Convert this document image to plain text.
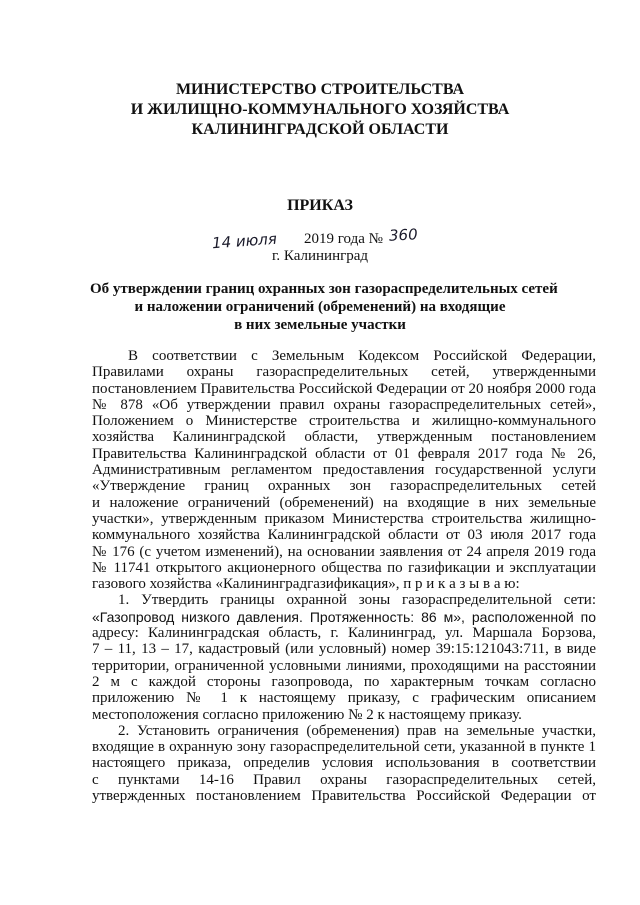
МИНИСТЕРСТВО СТРОИТЕЛЬСТВА
И ЖИЛИЩНО-КОММУНАЛЬНОГО ХОЗЯЙСТВА
КАЛИНИНГРАДСКОЙ ОБЛАСТИ
ПРИКАЗ
14 июля 2019 года № 360
г. Калининград
Об утверждении границ охранных зон газораспределительных сетей
и наложении ограничений (обременений) на входящие
в них земельные участки
В соответствии с Земельным Кодексом Российской Федерации,
Правилами охраны газораспределительных сетей, утвержденными
постановлением Правительства Российской Федерации от 20 ноября 2000 года
№ 878 «Об утверждении правил охраны газораспределительных сетей»,
Положением о Министерстве строительства и жилищно-коммунального
хозяйства Калининградской области, утвержденным постановлением
Правительства Калининградской области от 01 февраля 2017 года № 26,
Административным регламентом предоставления государственной услуги
«Утверждение границ охранных зон газораспределительных сетей
и наложение ограничений (обременений) на входящие в них земельные
участки», утвержденным приказом Министерства строительства жилищно-
коммунального хозяйства Калининградской области от 03 июля 2017 года
№ 176 (с учетом изменений), на основании заявления от 24 апреля 2019 года
№ 11741 открытого акционерного общества по газификации и эксплуатации
газового хозяйства «Калининградгазификация», п р и к а з ы в а ю:
1. Утвердить границы охранной зоны газораспределительной сети:
«Газопровод низкого давления. Протяженность: 86 м», расположенной по
адресу: Калининградская область, г. Калининград, ул. Маршала Борзова,
7 – 11, 13 – 17, кадастровый (или условный) номер 39:15:121043:711, в виде
территории, ограниченной условными линиями, проходящими на расстоянии
2 м с каждой стороны газопровода, по характерным точкам согласно
приложению № 1 к настоящему приказу, с графическим описанием
местоположения согласно приложению № 2 к настоящему приказу.
2. Установить ограничения (обременения) прав на земельные участки,
входящие в охранную зону газораспределительной сети, указанной в пункте 1
настоящего приказа, определив условия использования в соответствии
с пунктами 14-16 Правил охраны газораспределительных сетей,
утвержденных постановлением Правительства Российской Федерации от
